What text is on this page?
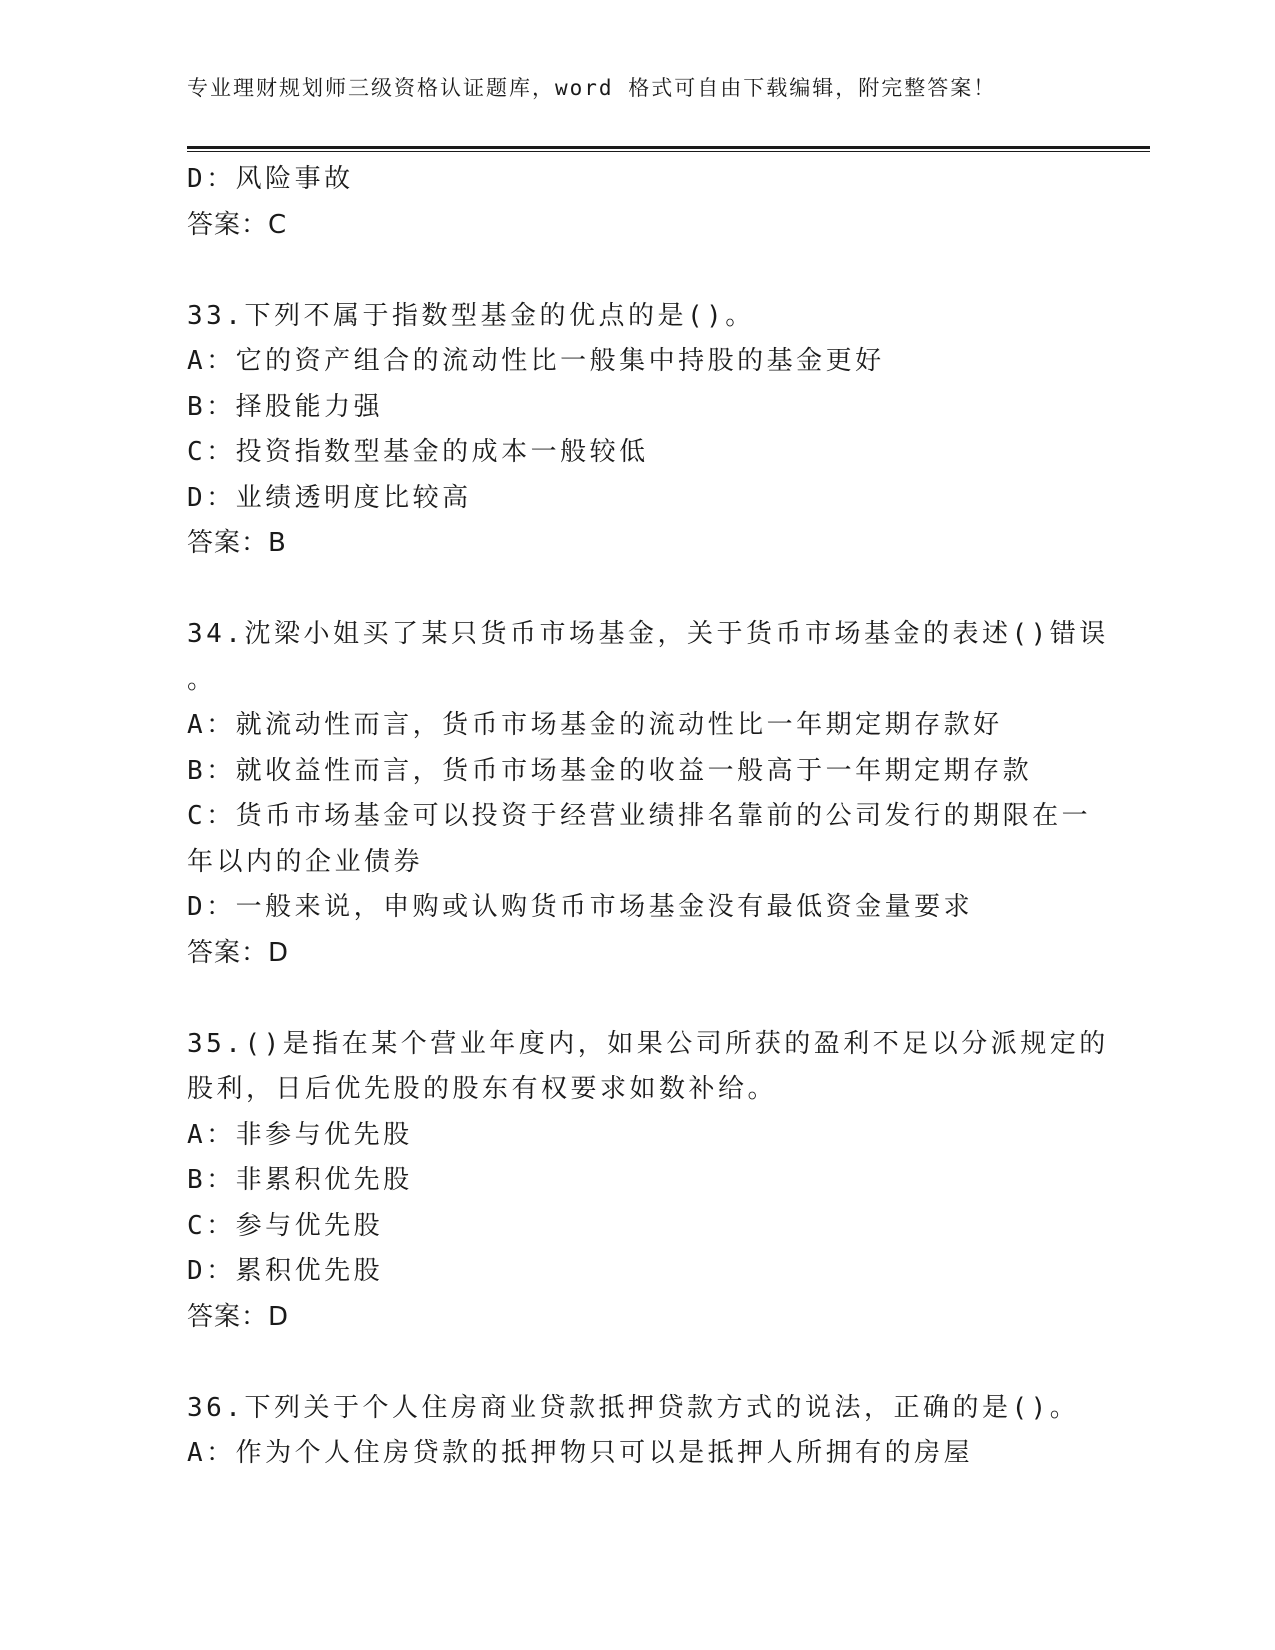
专业理财规划师三级资格认证题库，word 格式可自由下载编辑，附完整答案！
D：风险事故
答案：C
33.下列不属于指数型基金的优点的是()。
A：它的资产组合的流动性比一般集中持股的基金更好
B：择股能力强
C：投资指数型基金的成本一般较低
D：业绩透明度比较高
答案：B
34.沈梁小姐买了某只货币市场基金，关于货币市场基金的表述()错误
。
A：就流动性而言，货币市场基金的流动性比一年期定期存款好
B：就收益性而言，货币市场基金的收益一般高于一年期定期存款
C：货币市场基金可以投资于经营业绩排名靠前的公司发行的期限在一
年以内的企业债券
D：一般来说，申购或认购货币市场基金没有最低资金量要求
答案：D
35.()是指在某个营业年度内，如果公司所获的盈利不足以分派规定的
股利，日后优先股的股东有权要求如数补给。
A：非参与优先股
B：非累积优先股
C：参与优先股
D：累积优先股
答案：D
36.下列关于个人住房商业贷款抵押贷款方式的说法，正确的是()。
A：作为个人住房贷款的抵押物只可以是抵押人所拥有的房屋
